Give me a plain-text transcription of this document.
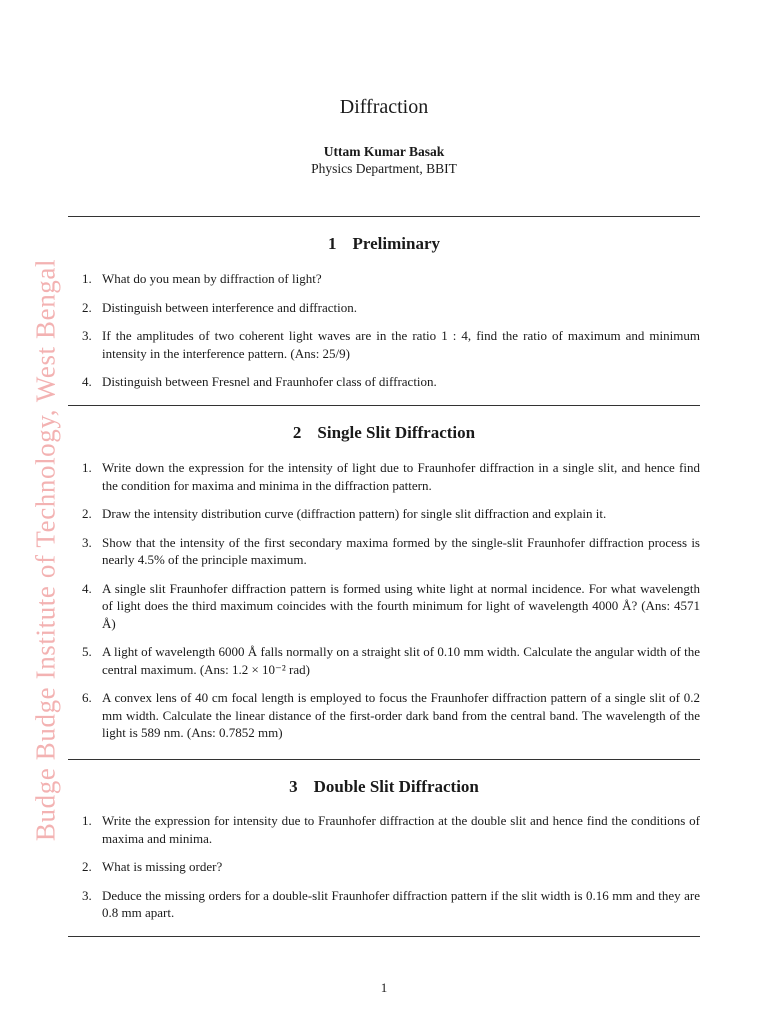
Budge Budge Institute of Technology, West Bengal
Diffraction
Uttam Kumar Basak
Physics Department, BBIT
1 Preliminary
1. What do you mean by diffraction of light?
2. Distinguish between interference and diffraction.
3. If the amplitudes of two coherent light waves are in the ratio 1 : 4, find the ratio of maximum and minimum intensity in the interference pattern. (Ans: 25/9)
4. Distinguish between Fresnel and Fraunhofer class of diffraction.
2 Single Slit Diffraction
1. Write down the expression for the intensity of light due to Fraunhofer diffraction in a single slit, and hence find the condition for maxima and minima in the diffraction pattern.
2. Draw the intensity distribution curve (diffraction pattern) for single slit diffraction and explain it.
3. Show that the intensity of the first secondary maxima formed by the single-slit Fraunhofer diffraction process is nearly 4.5% of the principle maximum.
4. A single slit Fraunhofer diffraction pattern is formed using white light at normal incidence. For what wavelength of light does the third maximum coincides with the fourth minimum for light of wavelength 4000 Å? (Ans: 4571 Å)
5. A light of wavelength 6000 Å falls normally on a straight slit of 0.10 mm width. Calculate the angular width of the central maximum. (Ans: 1.2 × 10⁻² rad)
6. A convex lens of 40 cm focal length is employed to focus the Fraunhofer diffraction pattern of a single slit of 0.2 mm width. Calculate the linear distance of the first-order dark band from the central band. The wavelength of the light is 589 nm. (Ans: 0.7852 mm)
3 Double Slit Diffraction
1. Write the expression for intensity due to Fraunhofer diffraction at the double slit and hence find the conditions of maxima and minima.
2. What is missing order?
3. Deduce the missing orders for a double-slit Fraunhofer diffraction pattern if the slit width is 0.16 mm and they are 0.8 mm apart.
1
